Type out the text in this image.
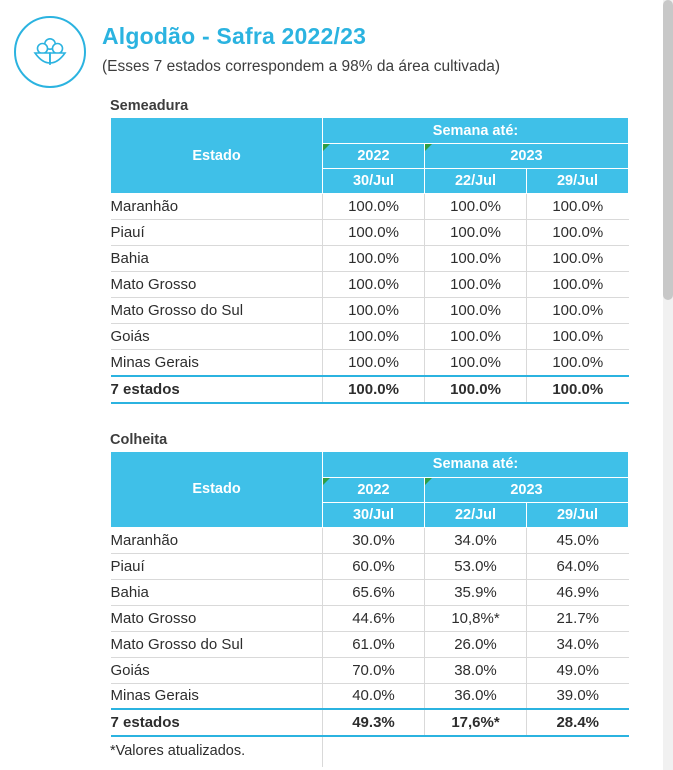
Algodão - Safra 2022/23
(Esses 7 estados correspondem a 98% da área cultivada)
Semeadura
Estado	Semana até:		
	2022	2023	
	30/Jul	22/Jul	29/Jul
Maranhão	100.0%	100.0%	100.0%
Piauí	100.0%	100.0%	100.0%
Bahia	100.0%	100.0%	100.0%
Mato Grosso	100.0%	100.0%	100.0%
Mato Grosso do Sul	100.0%	100.0%	100.0%
Goiás	100.0%	100.0%	100.0%
Minas Gerais	100.0%	100.0%	100.0%
7 estados	100.0%	100.0%	100.0%
Colheita
Estado	Semana até:		
	2022	2023	
	30/Jul	22/Jul	29/Jul
Maranhão	30.0%	34.0%	45.0%
Piauí	60.0%	53.0%	64.0%
Bahia	65.6%	35.9%	46.9%
Mato Grosso	44.6%	10,8%*	21.7%
Mato Grosso do Sul	61.0%	26.0%	34.0%
Goiás	70.0%	38.0%	49.0%
Minas Gerais	40.0%	36.0%	39.0%
7 estados	49.3%	17,6%*	28.4%
*Valores atualizados.
